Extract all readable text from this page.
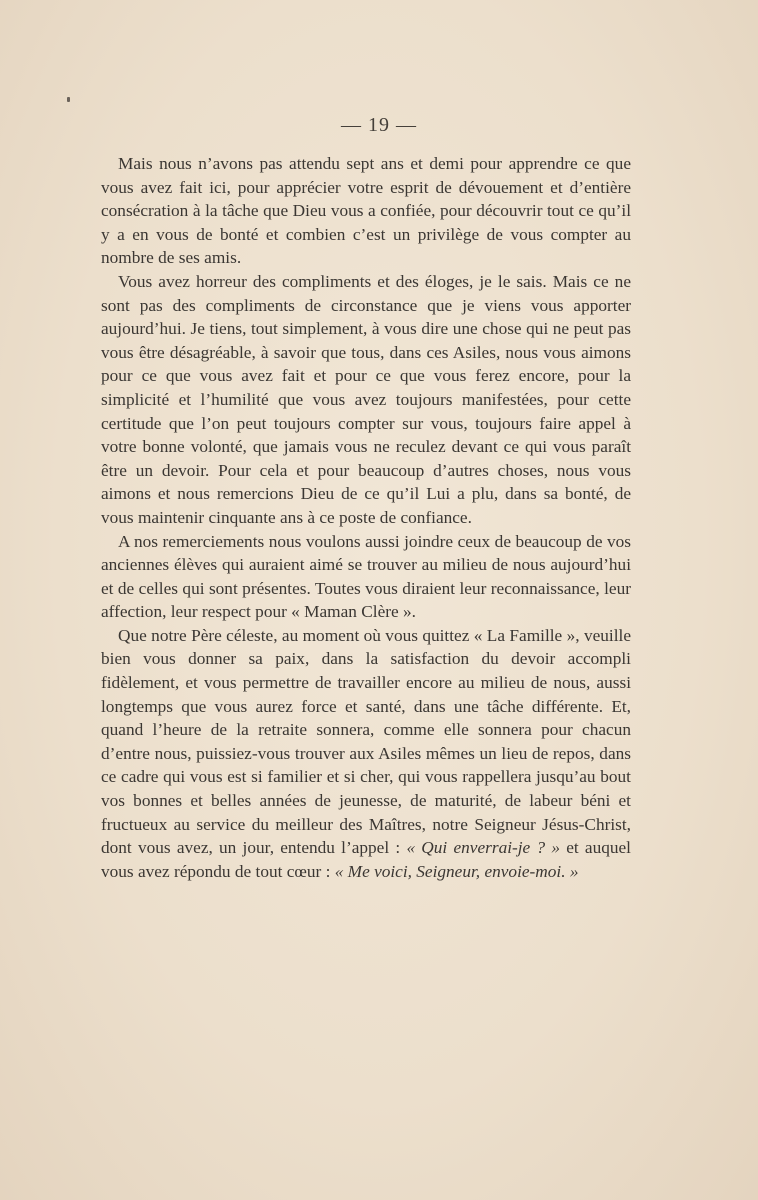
— 19 —

Mais nous n’avons pas attendu sept ans et demi pour apprendre ce que vous avez fait ici, pour apprécier votre esprit de dévouement et d’entière consécration à la tâche que Dieu vous a confiée, pour découvrir tout ce qu’il y a en vous de bonté et combien c’est un privilège de vous compter au nombre de ses amis.

Vous avez horreur des compliments et des éloges, je le sais. Mais ce ne sont pas des compliments de circonstance que je viens vous apporter aujourd’hui. Je tiens, tout simplement, à vous dire une chose qui ne peut pas vous être désagréable, à savoir que tous, dans ces Asiles, nous vous aimons pour ce que vous avez fait et pour ce que vous ferez encore, pour la simplicité et l’humilité que vous avez toujours manifestées, pour cette certitude que l’on peut toujours compter sur vous, toujours faire appel à votre bonne volonté, que jamais vous ne reculez devant ce qui vous paraît être un devoir. Pour cela et pour beaucoup d’autres choses, nous vous aimons et nous remercions Dieu de ce qu’il Lui a plu, dans sa bonté, de vous maintenir cinquante ans à ce poste de confiance.

A nos remerciements nous voulons aussi joindre ceux de beaucoup de vos anciennes élèves qui auraient aimé se trouver au milieu de nous aujourd’hui et de celles qui sont présentes. Toutes vous diraient leur reconnaissance, leur affection, leur respect pour « Maman Clère ».

Que notre Père céleste, au moment où vous quittez « La Famille », veuille bien vous donner sa paix, dans la satisfaction du devoir accompli fidèlement, et vous permettre de travailler encore au milieu de nous, aussi longtemps que vous aurez force et santé, dans une tâche différente. Et, quand l’heure de la retraite sonnera, comme elle sonnera pour chacun d’entre nous, puissiez-vous trouver aux Asiles mêmes un lieu de repos, dans ce cadre qui vous est si familier et si cher, qui vous rappellera jusqu’au bout vos bonnes et belles années de jeunesse, de maturité, de labeur béni et fructueux au service du meilleur des Maîtres, notre Seigneur Jésus-Christ, dont vous avez, un jour, entendu l’appel : « Qui enverrai-je ? » et auquel vous avez répondu de tout cœur : « Me voici, Seigneur, envoie-moi. »
